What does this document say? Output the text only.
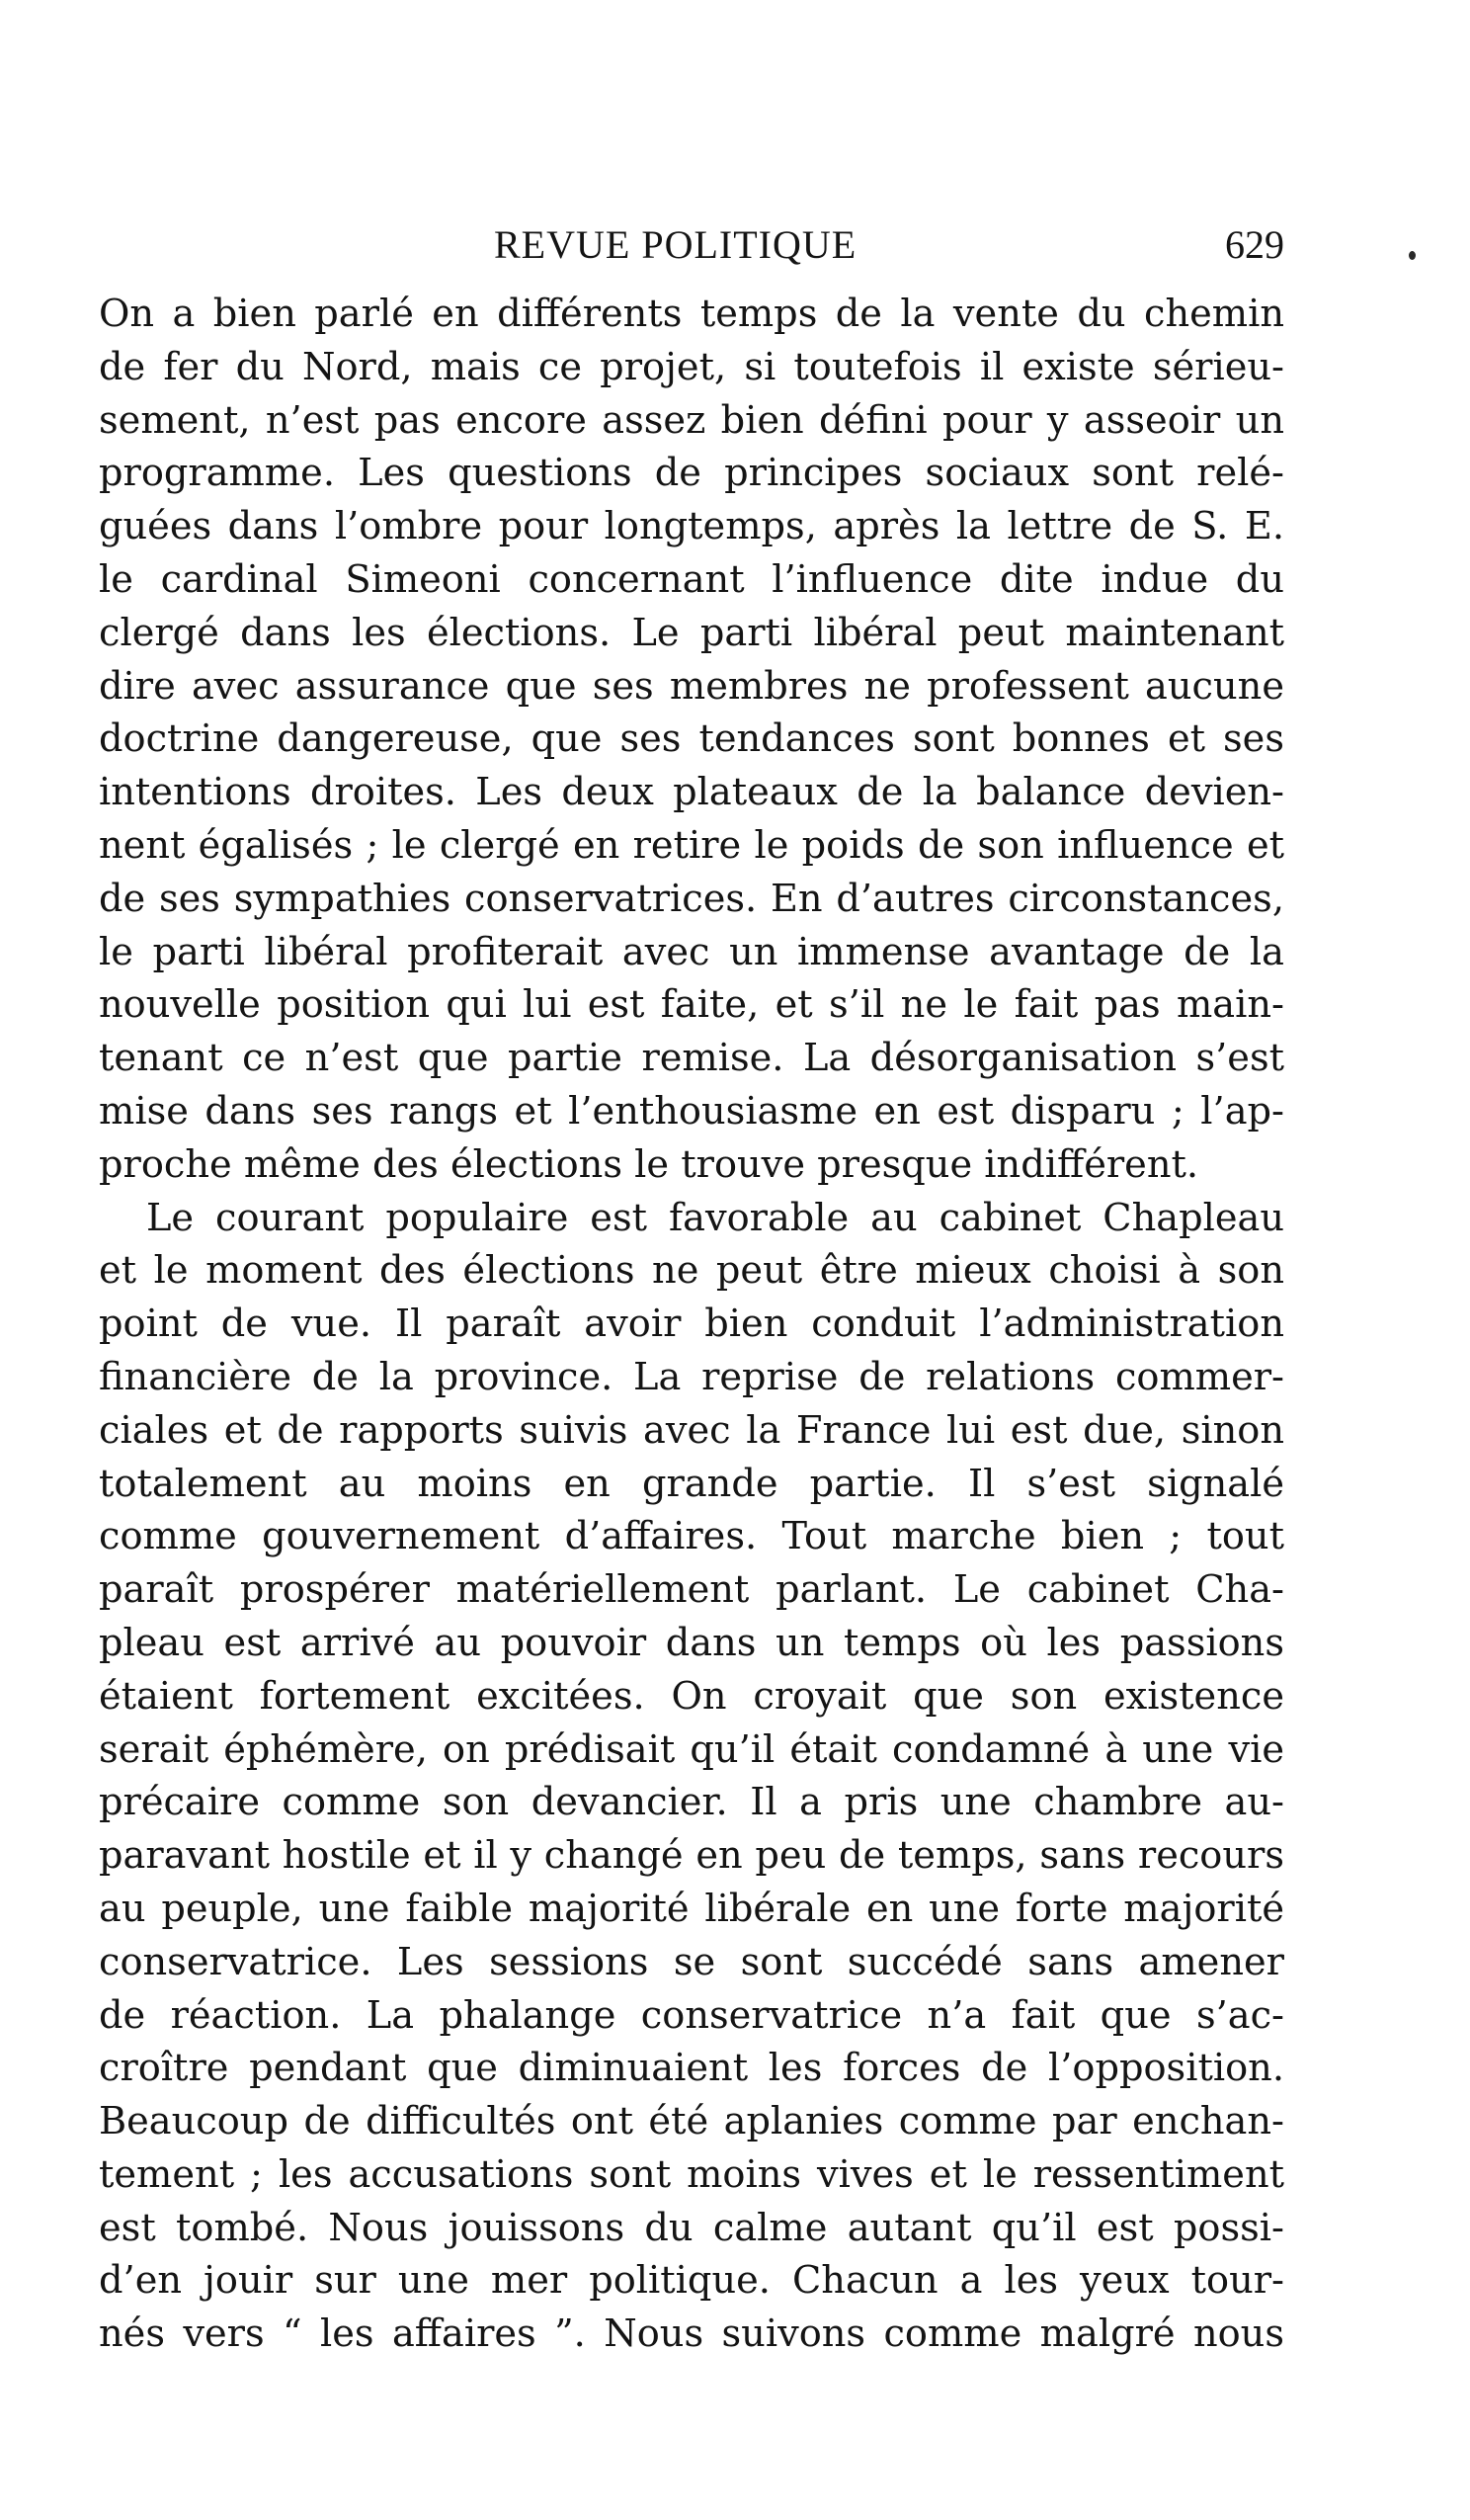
REVUE POLITIQUE	629
On a bien parlé en différents temps de la vente du chemin
de fer du Nord, mais ce projet, si toutefois il existe sérieu-
sement, n’est pas encore assez bien défini pour y asseoir un
programme. Les questions de principes sociaux sont relé-
guées dans l’ombre pour longtemps, après la lettre de S. E.
le cardinal Simeoni concernant l’influence dite indue du
clergé dans les élections. Le parti libéral peut maintenant
dire avec assurance que ses membres ne professent aucune
doctrine dangereuse, que ses tendances sont bonnes et ses
intentions droites. Les deux plateaux de la balance devien-
nent égalisés ; le clergé en retire le poids de son influence et
de ses sympathies conservatrices. En d’autres circonstances,
le parti libéral profiterait avec un immense avantage de la
nouvelle position qui lui est faite, et s’il ne le fait pas main-
tenant ce n’est que partie remise. La désorganisation s’est
mise dans ses rangs et l’enthousiasme en est disparu ; l’ap-
proche même des élections le trouve presque indifférent.
Le courant populaire est favorable au cabinet Chapleau
et le moment des élections ne peut être mieux choisi à son
point de vue. Il paraît avoir bien conduit l’administration
financière de la province. La reprise de relations commer-
ciales et de rapports suivis avec la France lui est due, sinon
totalement au moins en grande partie. Il s’est signalé
comme gouvernement d’affaires. Tout marche bien ; tout
paraît prospérer matériellement parlant. Le cabinet Cha-
pleau est arrivé au pouvoir dans un temps où les passions
étaient fortement excitées. On croyait que son existence
serait éphémère, on prédisait qu’il était condamné à une vie
précaire comme son devancier. Il a pris une chambre au-
paravant hostile et il y changé en peu de temps, sans recours
au peuple, une faible majorité libérale en une forte majorité
conservatrice. Les sessions se sont succédé sans amener
de réaction. La phalange conservatrice n’a fait que s’ac-
croître pendant que diminuaient les forces de l’opposition.
Beaucoup de difficultés ont été aplanies comme par enchan-
tement ; les accusations sont moins vives et le ressentiment
est tombé. Nous jouissons du calme autant qu’il est possi-
d’en jouir sur une mer politique. Chacun a les yeux tour-
nés vers “ les affaires ”. Nous suivons comme malgré nous
